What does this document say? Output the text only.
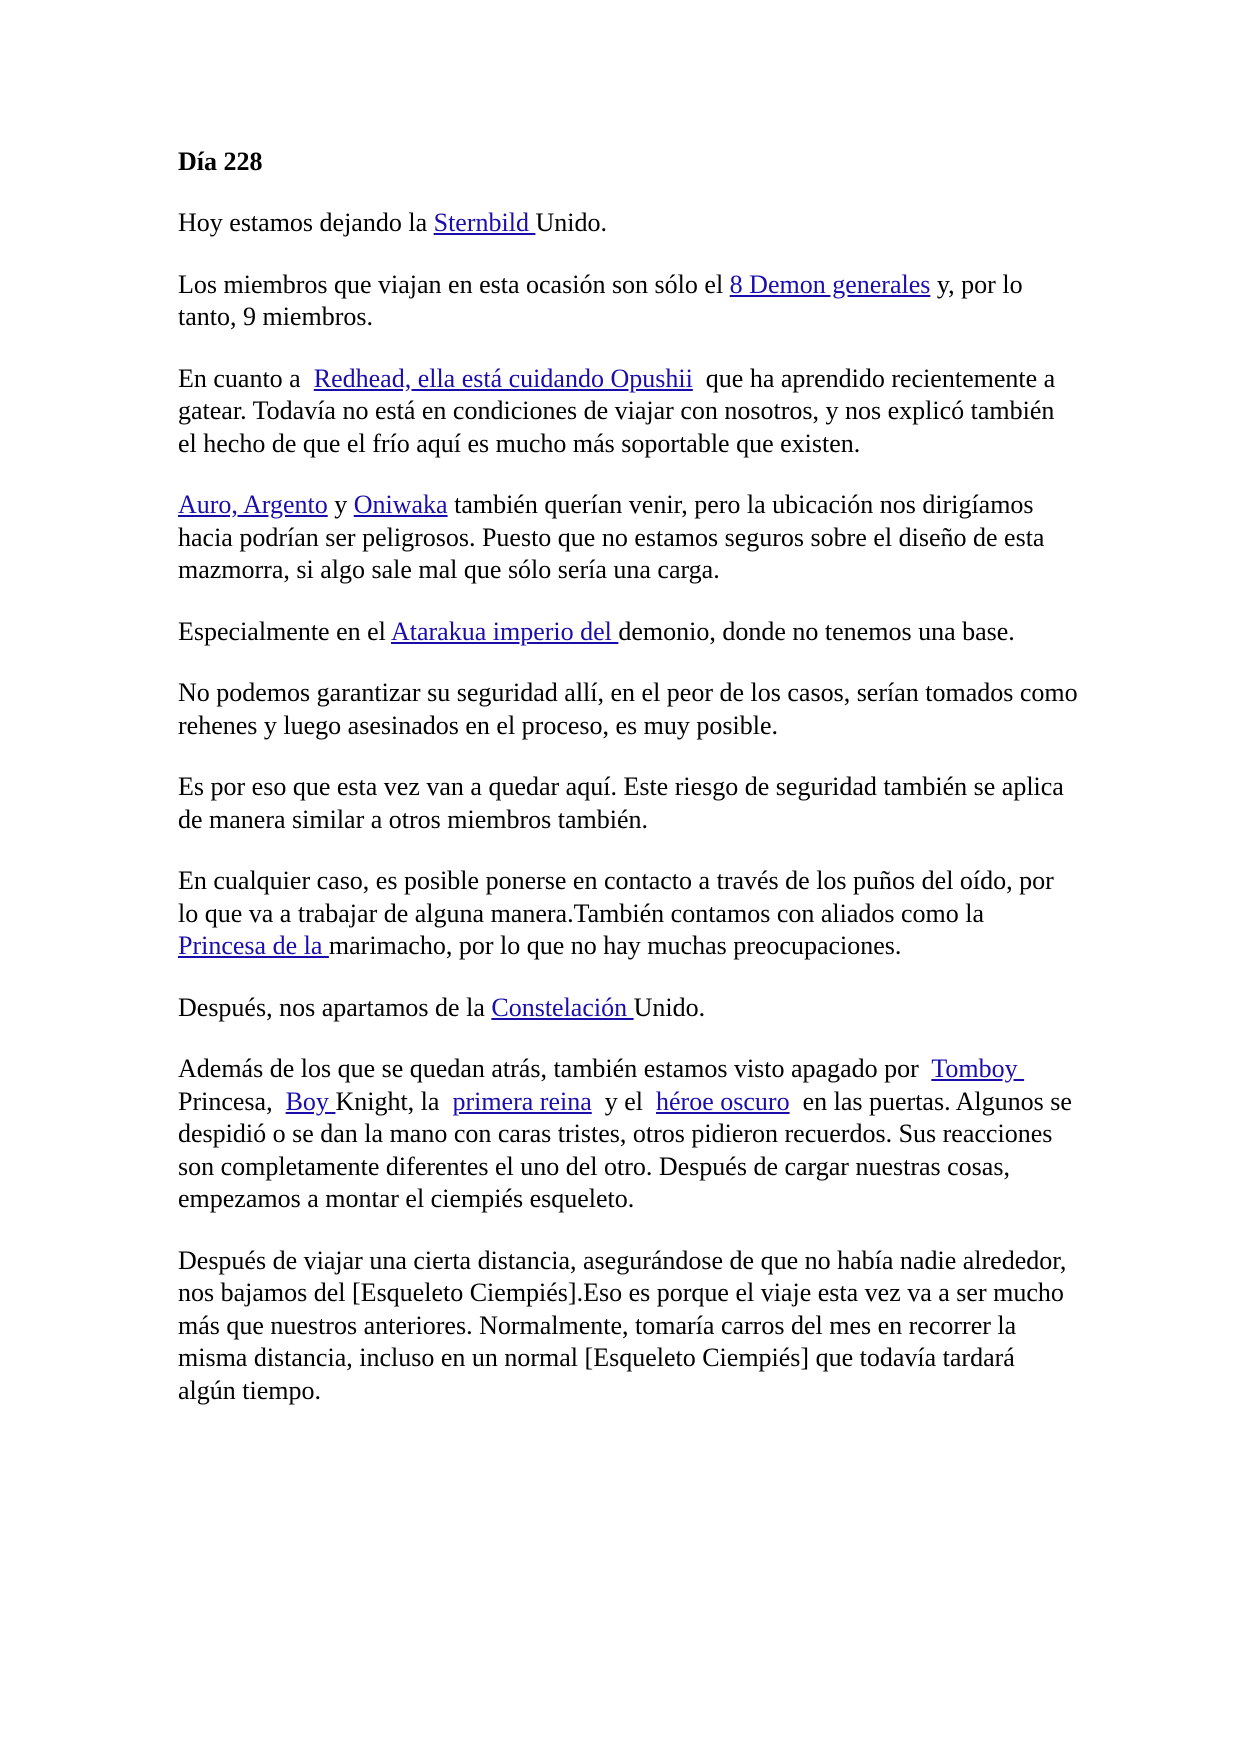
Día 228

Hoy estamos dejando la Sternbild Unido.

Los miembros que viajan en esta ocasión son sólo el 8 Demon generales y, por lo tanto, 9 miembros.

En cuanto a  Redhead, ella está cuidando Opushii  que ha aprendido recientemente a gatear. Todavía no está en condiciones de viajar con nosotros, y nos explicó también el hecho de que el frío aquí es mucho más soportable que existen.

Auro, Argento y Oniwaka también querían venir, pero la ubicación nos dirigíamos hacia podrían ser peligrosos. Puesto que no estamos seguros sobre el diseño de esta mazmorra, si algo sale mal que sólo sería una carga.

Especialmente en el Atarakua imperio del demonio, donde no tenemos una base.

No podemos garantizar su seguridad allí, en el peor de los casos, serían tomados como rehenes y luego asesinados en el proceso, es muy posible.

Es por eso que esta vez van a quedar aquí. Este riesgo de seguridad también se aplica de manera similar a otros miembros también.

En cualquier caso, es posible ponerse en contacto a través de los puños del oído, por lo que va a trabajar de alguna manera.También contamos con aliados como la  Princesa de la marimacho, por lo que no hay muchas preocupaciones.

Después, nos apartamos de la Constelación Unido.

Además de los que se quedan atrás, también estamos visto apagado por  Tomboy Princesa,  Boy Knight, la  primera reina  y el  héroe oscuro  en las puertas. Algunos se despidió o se dan la mano con caras tristes, otros pidieron recuerdos. Sus reacciones son completamente diferentes el uno del otro. Después de cargar nuestras cosas, empezamos a montar el ciempiés esqueleto.

Después de viajar una cierta distancia, asegurándose de que no había nadie alrededor, nos bajamos del [Esqueleto Ciempiés].Eso es porque el viaje esta vez va a ser mucho más que nuestros anteriores. Normalmente, tomaría carros del mes en recorrer la misma distancia, incluso en un normal [Esqueleto Ciempiés] que todavía tardará algún tiempo.
